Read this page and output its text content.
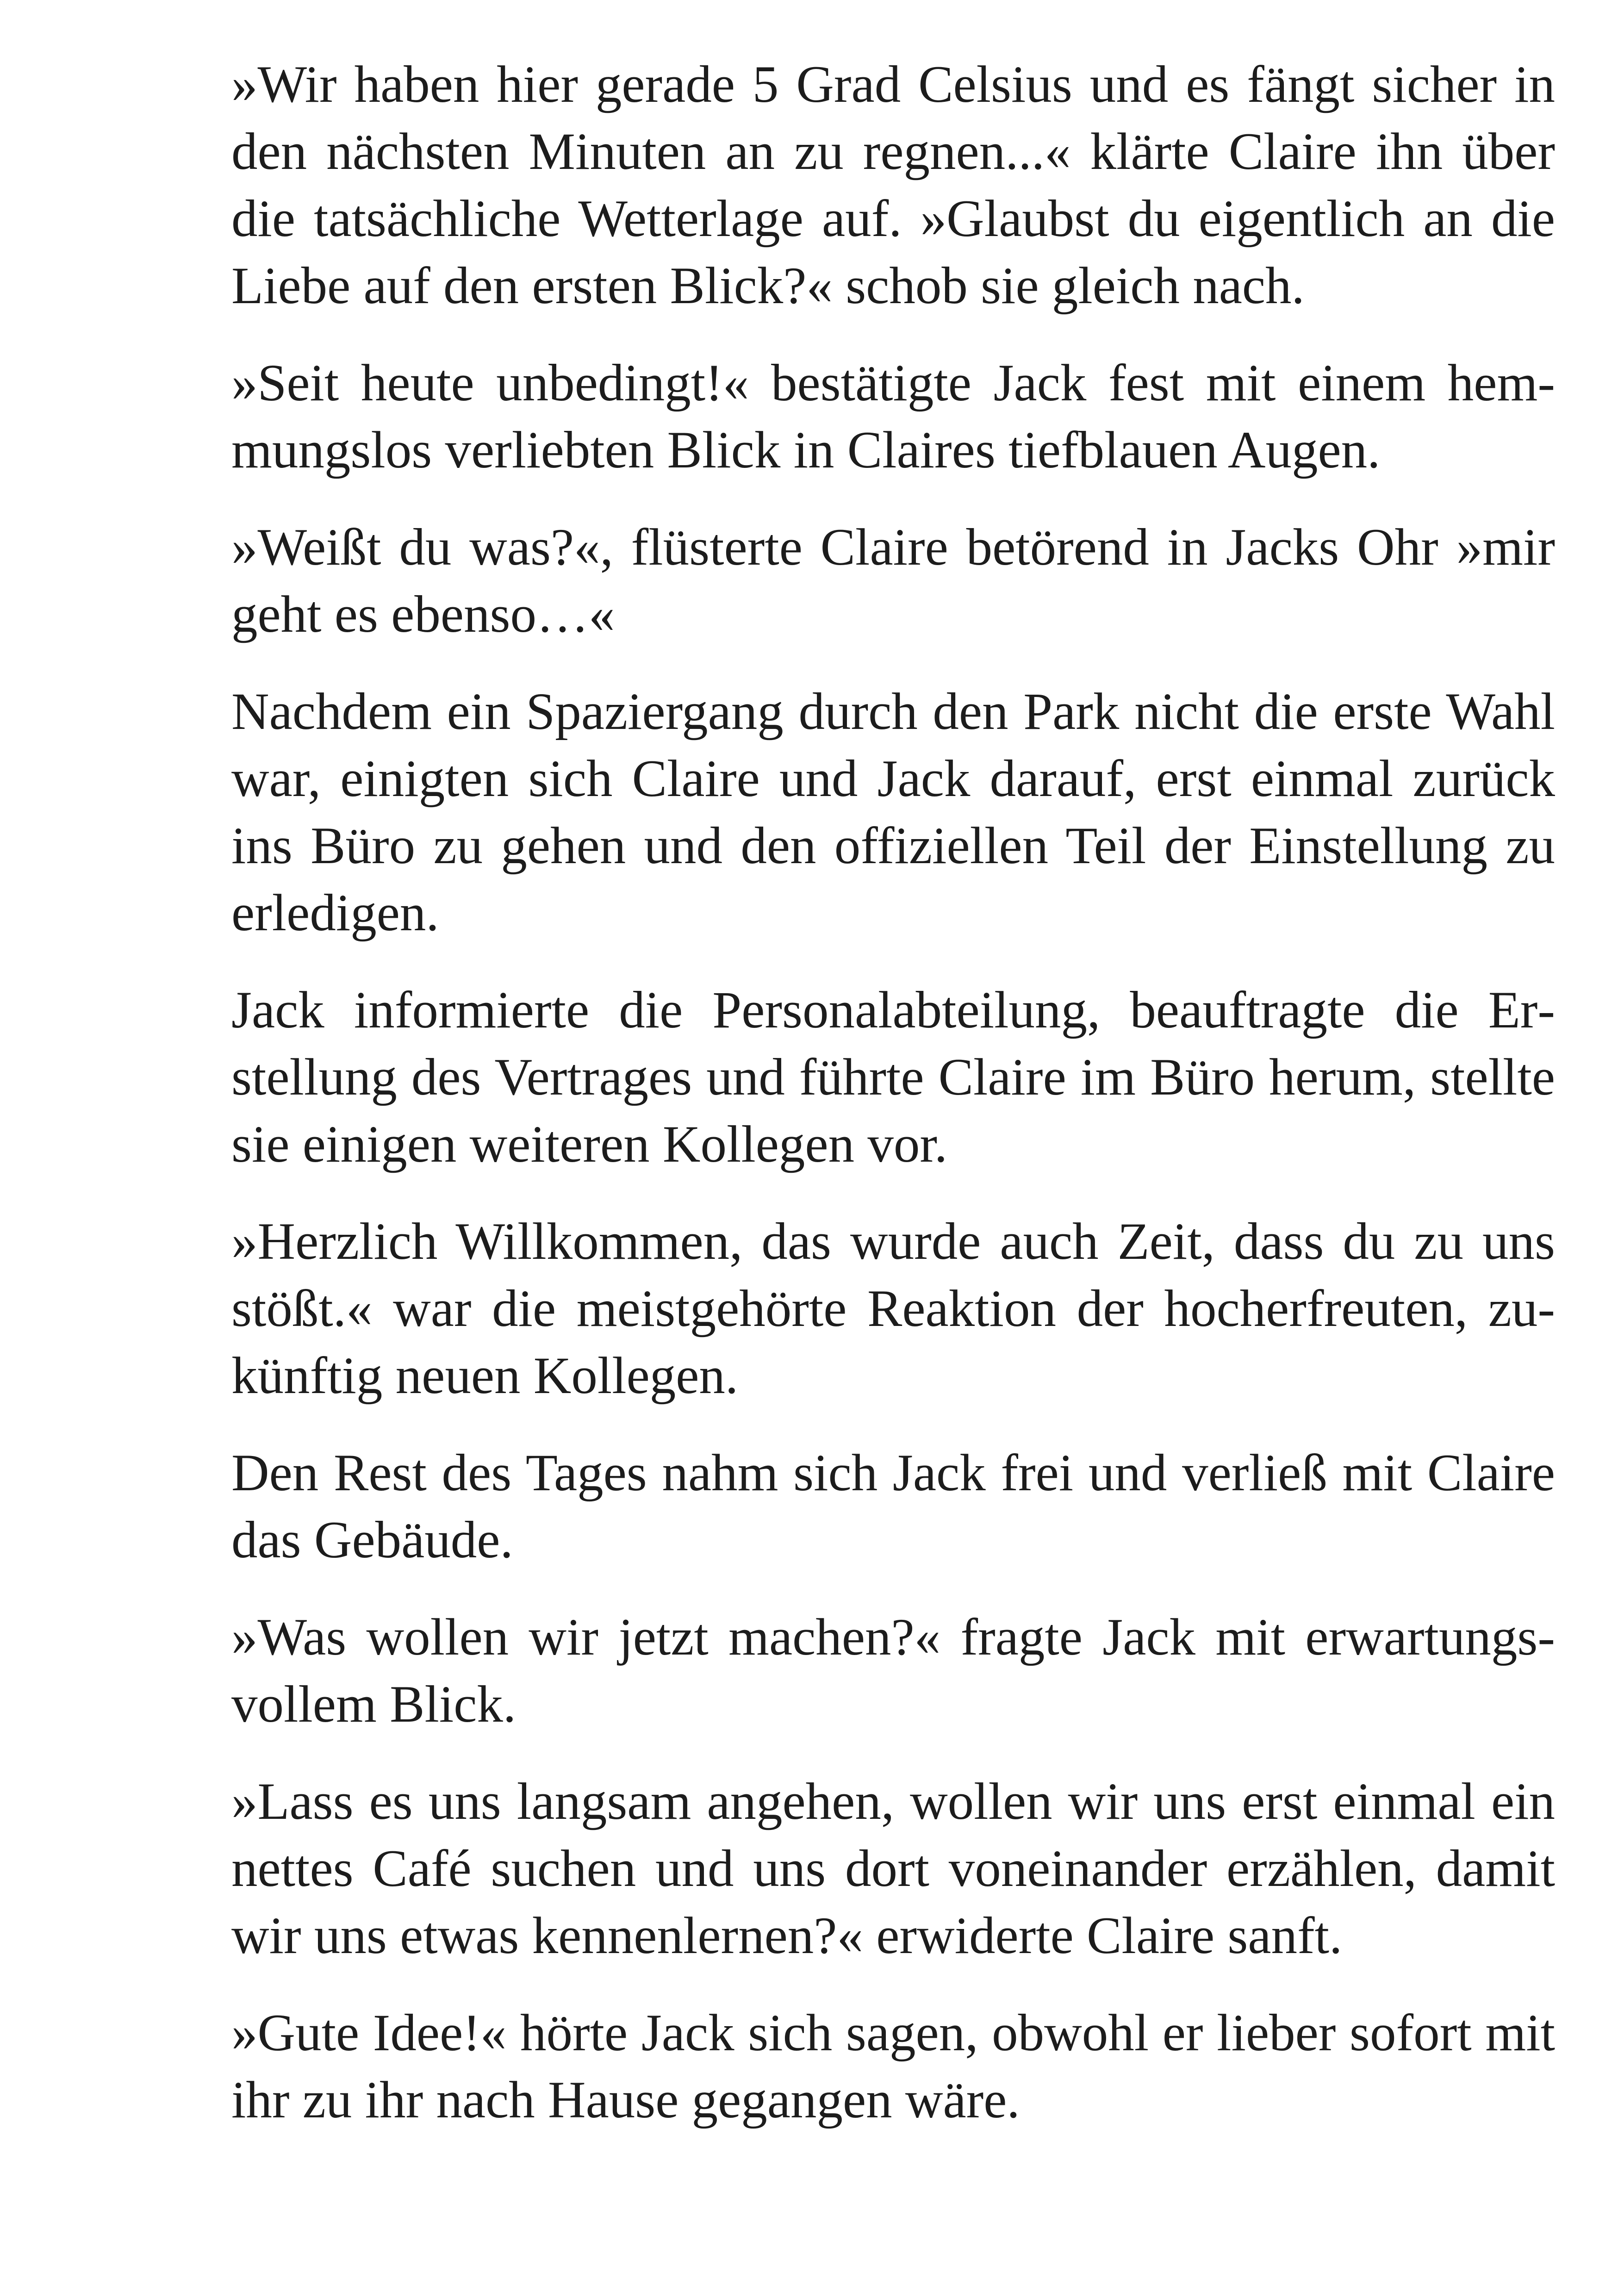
»Wir haben hier gerade 5 Grad Celsius und es fängt sicher in den nächsten Minuten an zu regnen...« klärte Claire ihn über die tatsächliche Wetterlage auf. »Glaubst du eigentlich an die Liebe auf den ersten Blick?« schob sie gleich nach.

»Seit heute unbedingt!« bestätigte Jack fest mit einem hemmungslos verliebten Blick in Claires tiefblauen Augen.

»Weißt du was?«, flüsterte Claire betörend in Jacks Ohr »mir geht es ebenso…«

Nachdem ein Spaziergang durch den Park nicht die erste Wahl war, einigten sich Claire und Jack darauf, erst einmal zurück ins Büro zu gehen und den offiziellen Teil der Einstellung zu erledigen.

Jack informierte die Personalabteilung, beauftragte die Erstellung des Vertrages und führte Claire im Büro herum, stellte sie einigen weiteren Kollegen vor.

»Herzlich Willkommen, das wurde auch Zeit, dass du zu uns stößt.« war die meistgehörte Reaktion der hocherfreuten, zukünftig neuen Kollegen.

Den Rest des Tages nahm sich Jack frei und verließ mit Claire das Gebäude.

»Was wollen wir jetzt machen?« fragte Jack mit erwartungsvollem Blick.

»Lass es uns langsam angehen, wollen wir uns erst einmal ein nettes Café suchen und uns dort voneinander erzählen, damit wir uns etwas kennenlernen?« erwiderte Claire sanft.

»Gute Idee!« hörte Jack sich sagen, obwohl er lieber sofort mit ihr zu ihr nach Hause gegangen wäre.
